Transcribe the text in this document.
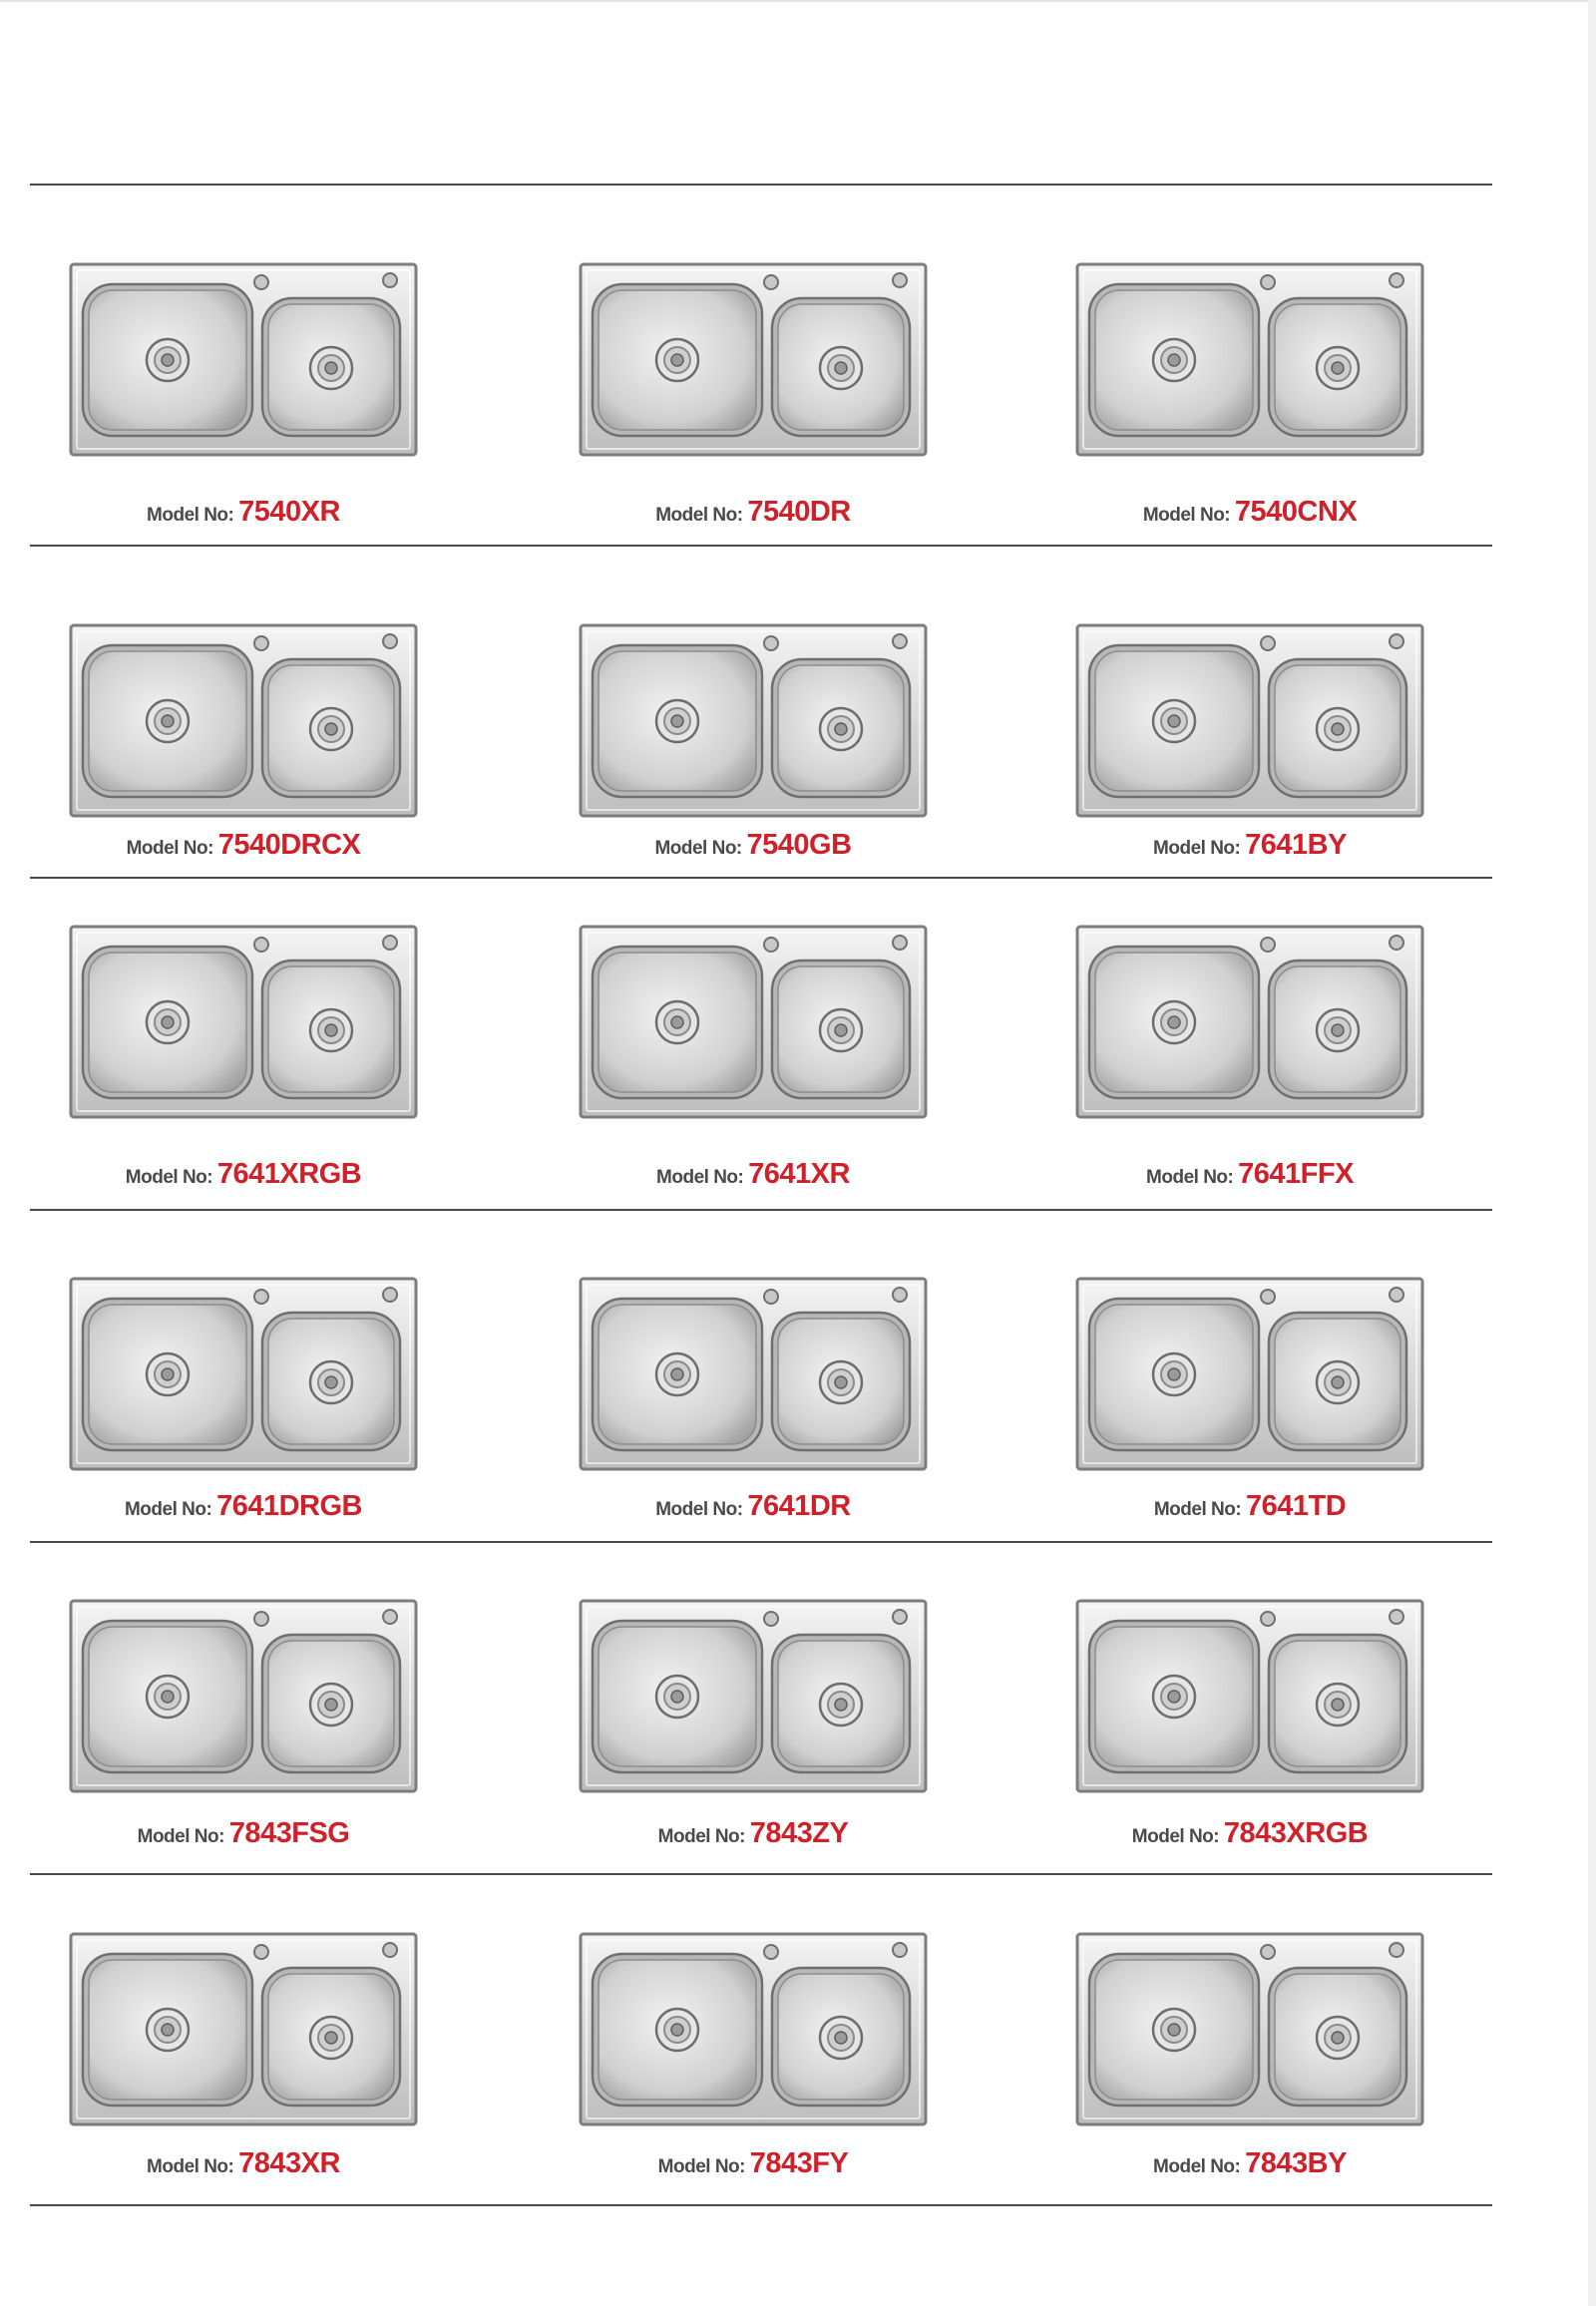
Model No: 7540XR	Model No: 7540DR	Model No: 7540CNX
Model No: 7540DRCX	Model No: 7540GB	Model No: 7641BY
Model No: 7641XRGB	Model No: 7641XR	Model No: 7641FFX
Model No: 7641DRGB	Model No: 7641DR	Model No: 7641TD
Model No: 7843FSG	Model No: 7843ZY	Model No: 7843XRGB
Model No: 7843XR	Model No: 7843FY	Model No: 7843BY
